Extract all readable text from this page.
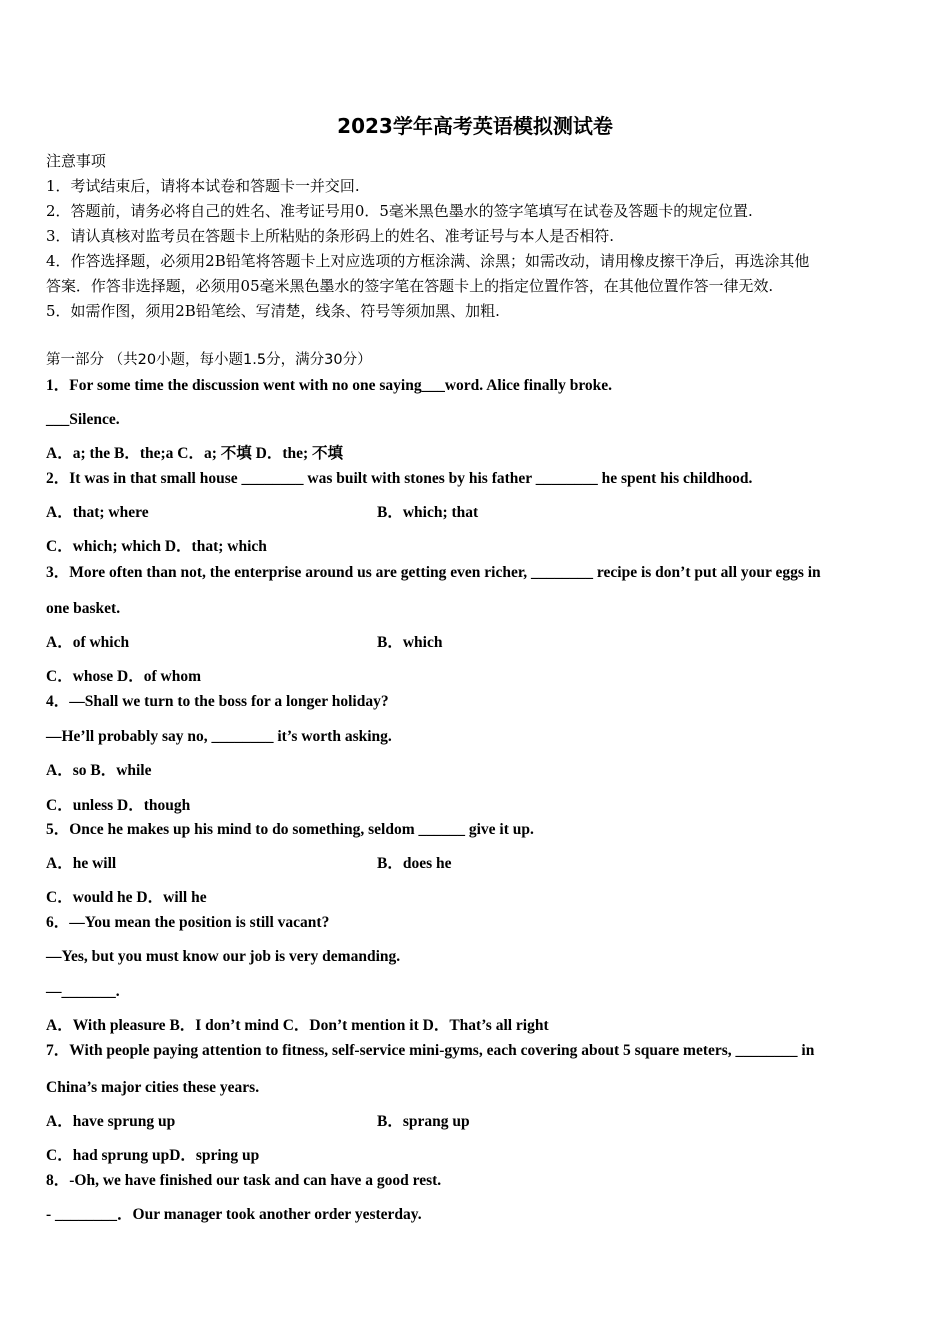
2023学年高考英语模拟测试卷
注意事项
1．考试结束后，请将本试卷和答题卡一并交回.
2．答题前，请务必将自己的姓名、准考证号用0．5毫米黑色墨水的签字笔填写在试卷及答题卡的规定位置.
3．请认真核对监考员在答题卡上所粘贴的条形码上的姓名、准考证号与本人是否相符.
4．作答选择题，必须用2B铅笔将答题卡上对应选项的方框涂满、涂黑；如需改动，请用橡皮擦干净后，再选涂其他
答案．作答非选择题，必须用05毫米黑色墨水的签字笔在答题卡上的指定位置作答，在其他位置作答一律无效.
5．如需作图，须用2B铅笔绘、写清楚，线条、符号等须加黑、加粗.
第一部分 （共20小题，每小题1.5分，满分30分）
1．For some time the discussion went with no one saying___word. Alice finally broke.
___Silence.
A．a; the B．the;a C．a; 不填 D．the; 不填
2．It was in that small house ________ was built with stones by his father ________ he spent his childhood.
A．that; where	B．which; that
C．which; which D．that; which
3．More often than not, the enterprise around us are getting even richer, ________ recipe is don’t put all your eggs in
one basket.
A．of which	B．which
C．whose D．of whom
4．—Shall we turn to the boss for a longer holiday?
—He’ll probably say no, ________ it’s worth asking.
A．so B．while
C．unless D．though
5．Once he makes up his mind to do something, seldom ______ give it up.
A．he will	B．does he
C．would he D．will he
6．—You mean the position is still vacant?
—Yes, but you must know our job is very demanding.
—_______.
A．With pleasure B．I don’t mind C．Don’t mention it D．That’s all right
7．With people paying attention to fitness, self-service mini-gyms, each covering about 5 square meters, ________ in
China’s major cities these years.
A．have sprung up	B．sprang up
C．had sprung upD．spring up
8．-Oh, we have finished our task and can have a good rest.
- ________．Our manager took another order yesterday.
